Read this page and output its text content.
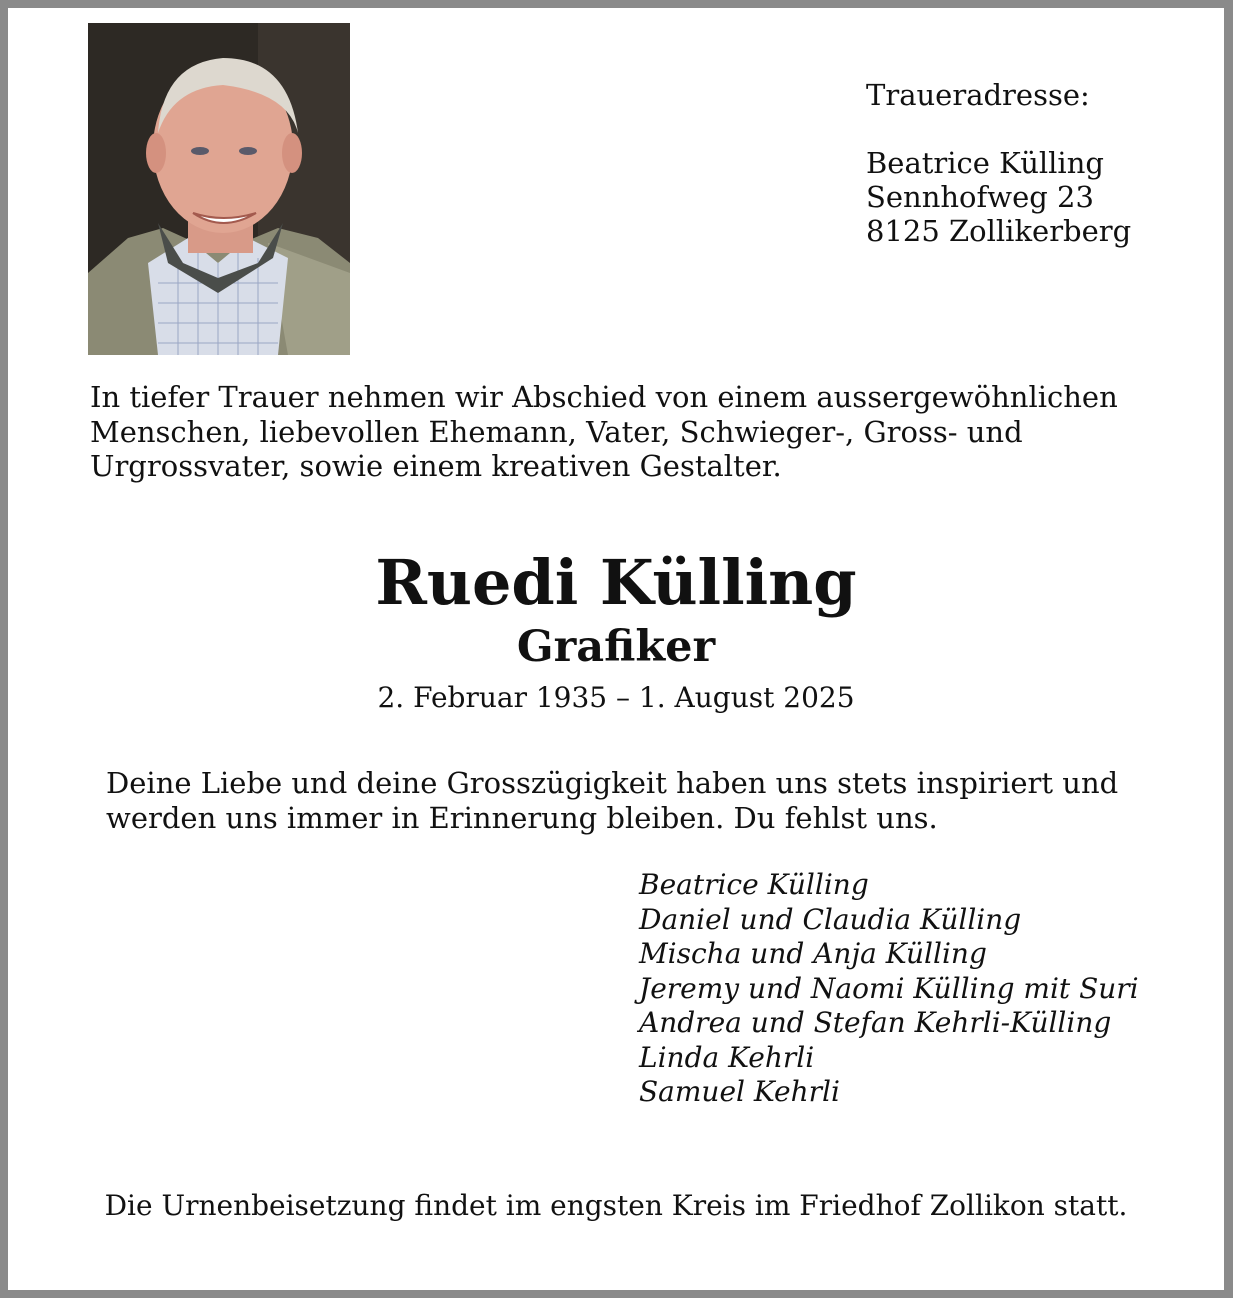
Traueradresse:
Beatrice Külling
Sennhofweg 23
8125 Zollikerberg
In tiefer Trauer nehmen wir Abschied von einem aussergewöhnlichen
Menschen, liebevollen Ehemann, Vater, Schwieger-, Gross- und
Urgrossvater, sowie einem kreativen Gestalter.
Ruedi Külling
Grafiker
2. Februar 1935 – 1. August 2025
Deine Liebe und deine Grosszügigkeit haben uns stets inspiriert und
werden uns immer in Erinnerung bleiben. Du fehlst uns.
Beatrice Külling
Daniel und Claudia Külling
Mischa und Anja Külling
Jeremy und Naomi Külling mit Suri
Andrea und Stefan Kehrli-Külling
Linda Kehrli
Samuel Kehrli
Die Urnenbeisetzung findet im engsten Kreis im Friedhof Zollikon statt.
